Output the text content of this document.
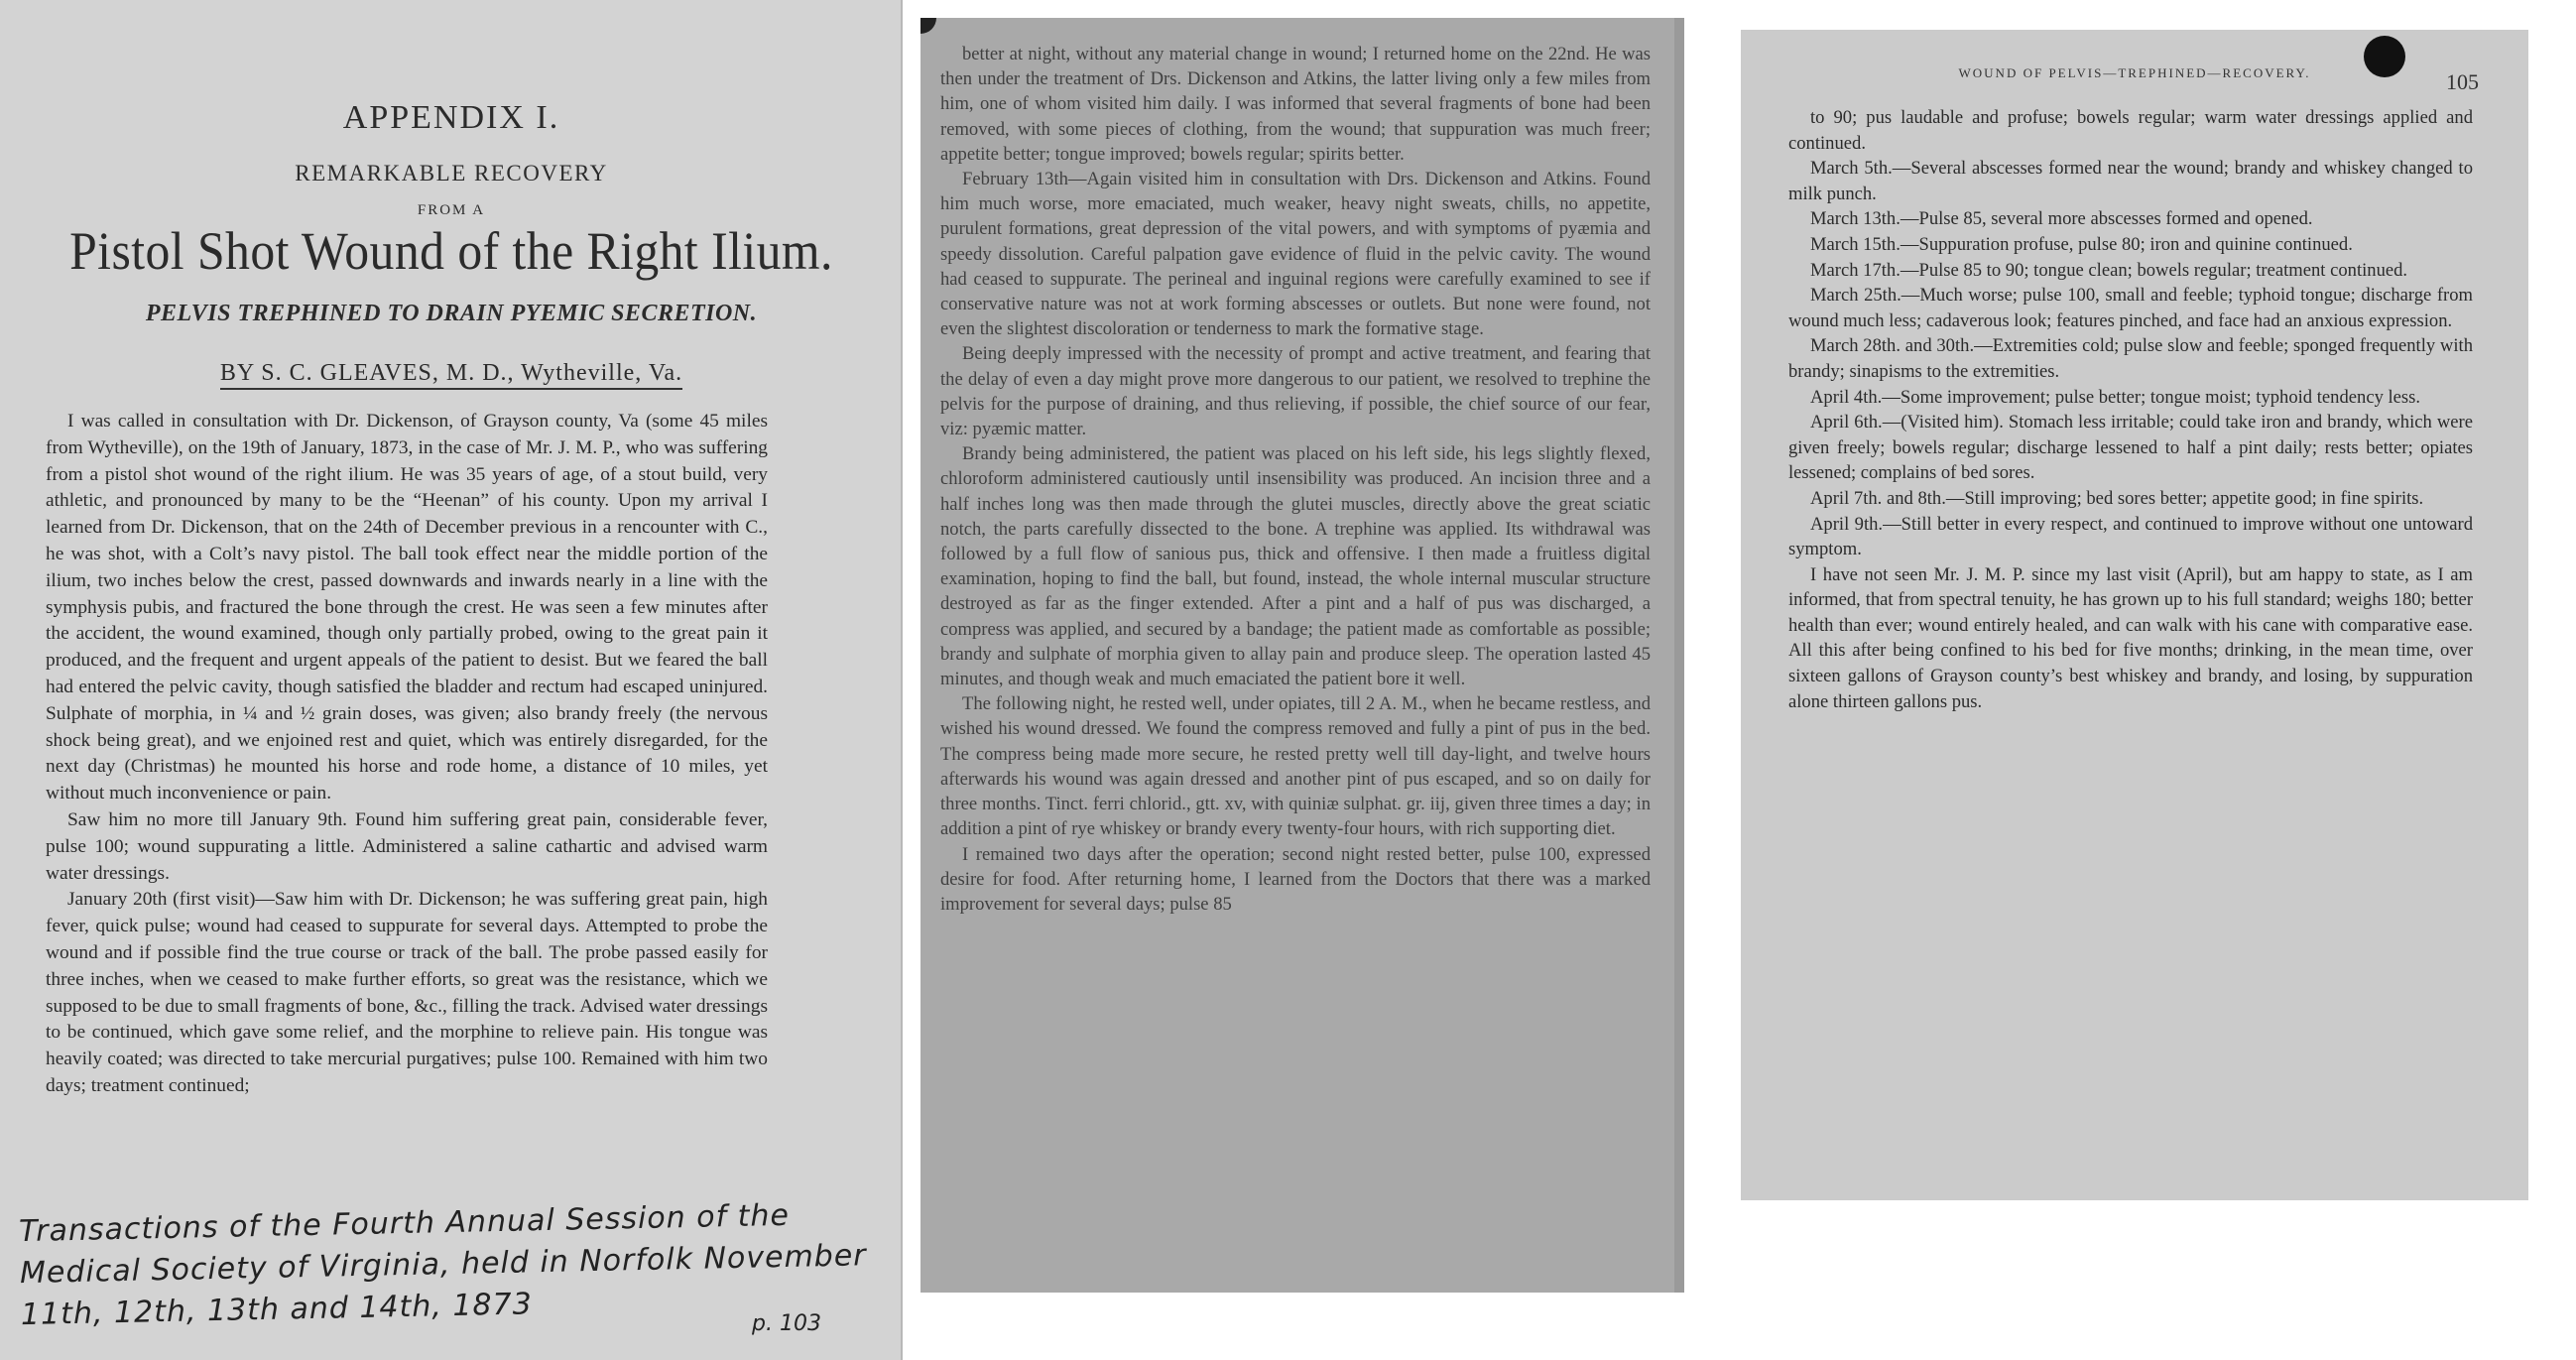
APPENDIX I.
REMARKABLE RECOVERY
FROM A
Pistol Shot Wound of the Right Ilium.
PELVIS TREPHINED TO DRAIN PYEMIC SECRETION.
BY S. C. GLEAVES, M. D., Wytheville, Va.

I was called in consultation with Dr. Dickenson, of Grayson county, Va (some 45 miles from Wytheville), on the 19th of January, 1873, in the case of Mr. J. M. P., who was suffering from a pistol shot wound of the right ilium. He was 35 years of age, of a stout build, very athletic, and pronounced by many to be the “Heenan” of his county. Upon my arrival I learned from Dr. Dickenson, that on the 24th of December previous in a rencounter with C., he was shot, with a Colt’s navy pistol. The ball took effect near the middle portion of the ilium, two inches below the crest, passed downwards and inwards nearly in a line with the symphysis pubis, and fractured the bone through the crest. He was seen a few minutes after the accident, the wound examined, though only partially probed, owing to the great pain it produced, and the frequent and urgent appeals of the patient to desist. But we feared the ball had entered the pelvic cavity, though satisfied the bladder and rectum had escaped uninjured. Sulphate of morphia, in ¼ and ½ grain doses, was given; also brandy freely (the nervous shock being great), and we enjoined rest and quiet, which was entirely disregarded, for the next day (Christmas) he mounted his horse and rode home, a distance of 10 miles, yet without much inconvenience or pain.

Saw him no more till January 9th. Found him suffering great pain, considerable fever, pulse 100; wound suppurating a little. Administered a saline cathartic and advised warm water dressings.

January 20th (first visit)—Saw him with Dr. Dickenson; he was suffering great pain, high fever, quick pulse; wound had ceased to suppurate for several days. Attempted to probe the wound and if possible find the true course or track of the ball. The probe passed easily for three inches, when we ceased to make further efforts, so great was the resistance, which we supposed to be due to small fragments of bone, &c., filling the track. Advised water dressings to be continued, which gave some relief, and the morphine to relieve pain. His tongue was heavily coated; was directed to take mercurial purgatives; pulse 100. Remained with him two days; treatment continued;

Transactions of the Fourth Annual Session of the Medical Society of Virginia, held in Norfolk November 11th, 12th, 13th and 14th, 1873	p. 103

better at night, without any material change in wound; I returned home on the 22nd. He was then under the treatment of Drs. Dickenson and Atkins, the latter living only a few miles from him, one of whom visited him daily. I was informed that several fragments of bone had been removed, with some pieces of clothing, from the wound; that suppuration was much freer; appetite better; tongue improved; bowels regular; spirits better.

February 13th—Again visited him in consultation with Drs. Dickenson and Atkins. Found him much worse, more emaciated, much weaker, heavy night sweats, chills, no appetite, purulent formations, great depression of the vital powers, and with symptoms of pyæmia and speedy dissolution. Careful palpation gave evidence of fluid in the pelvic cavity. The wound had ceased to suppurate. The perineal and inguinal regions were carefully examined to see if conservative nature was not at work forming abscesses or outlets. But none were found, not even the slightest discoloration or tenderness to mark the formative stage.

Being deeply impressed with the necessity of prompt and active treatment, and fearing that the delay of even a day might prove more dangerous to our patient, we resolved to trephine the pelvis for the purpose of draining, and thus relieving, if possible, the chief source of our fear, viz: pyæmic matter.

Brandy being administered, the patient was placed on his left side, his legs slightly flexed, chloroform administered cautiously until insensibility was produced. An incision three and a half inches long was then made through the glutei muscles, directly above the great sciatic notch, the parts carefully dissected to the bone. A trephine was applied. Its withdrawal was followed by a full flow of sanious pus, thick and offensive. I then made a fruitless digital examination, hoping to find the ball, but found, instead, the whole internal muscular structure destroyed as far as the finger extended. After a pint and a half of pus was discharged, a compress was applied, and secured by a bandage; the patient made as comfortable as possible; brandy and sulphate of morphia given to allay pain and produce sleep. The operation lasted 45 minutes, and though weak and much emaciated the patient bore it well.

The following night, he rested well, under opiates, till 2 A. M., when he became restless, and wished his wound dressed. We found the compress removed and fully a pint of pus in the bed. The compress being made more secure, he rested pretty well till day-light, and twelve hours afterwards his wound was again dressed and another pint of pus escaped, and so on daily for three months. Tinct. ferri chlorid., gtt. xv, with quiniæ sulphat. gr. iij, given three times a day; in addition a pint of rye whiskey or brandy every twenty-four hours, with rich supporting diet.

I remained two days after the operation; second night rested better, pulse 100, expressed desire for food. After returning home, I learned from the Doctors that there was a marked improvement for several days; pulse 85

WOUND OF PELVIS—TREPHINED—RECOVERY.	105

to 90; pus laudable and profuse; bowels regular; warm water dressings applied and continued.

March 5th.—Several abscesses formed near the wound; brandy and whiskey changed to milk punch.

March 13th.—Pulse 85, several more abscesses formed and opened.

March 15th.—Suppuration profuse, pulse 80; iron and quinine continued.

March 17th.—Pulse 85 to 90; tongue clean; bowels regular; treatment continued.

March 25th.—Much worse; pulse 100, small and feeble; typhoid tongue; discharge from wound much less; cadaverous look; features pinched, and face had an anxious expression.

March 28th. and 30th.—Extremities cold; pulse slow and feeble; sponged frequently with brandy; sinapisms to the extremities.

April 4th.—Some improvement; pulse better; tongue moist; typhoid tendency less.

April 6th.—(Visited him). Stomach less irritable; could take iron and brandy, which were given freely; bowels regular; discharge lessened to half a pint daily; rests better; opiates lessened; complains of bed sores.

April 7th. and 8th.—Still improving; bed sores better; appetite good; in fine spirits.

April 9th.—Still better in every respect, and continued to improve without one untoward symptom.

I have not seen Mr. J. M. P. since my last visit (April), but am happy to state, as I am informed, that from spectral tenuity, he has grown up to his full standard; weighs 180; better health than ever; wound entirely healed, and can walk with his cane with comparative ease. All this after being confined to his bed for five months; drinking, in the mean time, over sixteen gallons of Grayson county’s best whiskey and brandy, and losing, by suppuration alone thirteen gallons pus.
